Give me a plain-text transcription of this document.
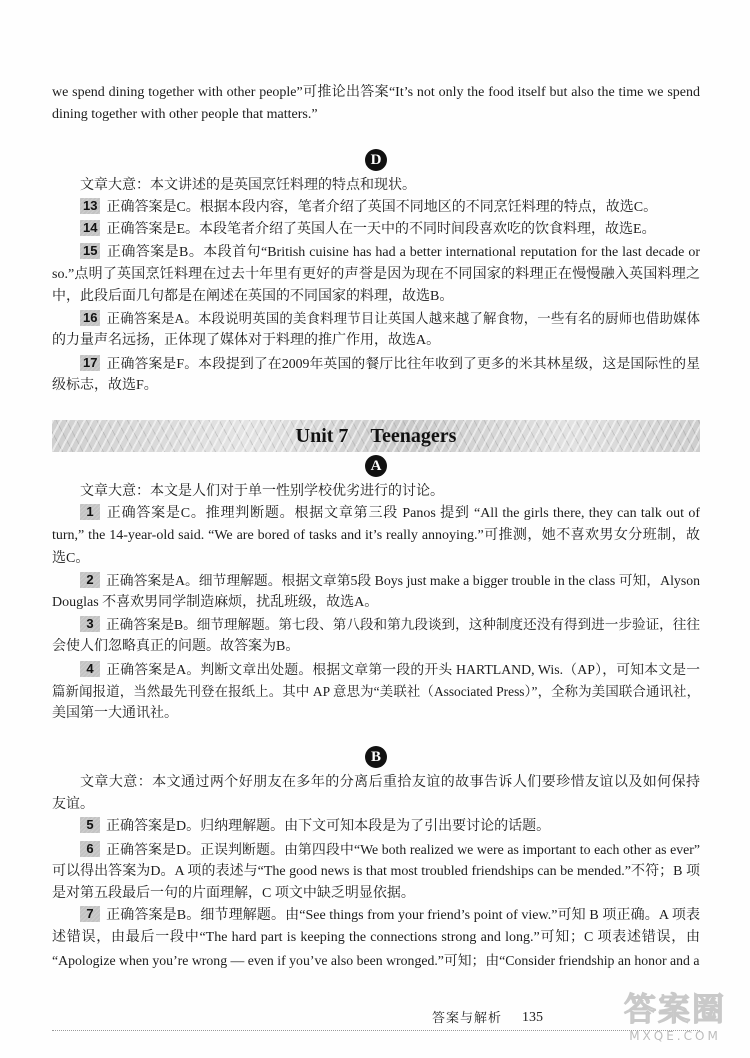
we spend dining together with other people”可推论出答案“It’s not only the food itself but also the time we spend
dining together with other people that matters.”
D
文章大意：本文讲述的是英国烹饪料理的特点和现状。
13 正确答案是C。根据本段内容，笔者介绍了英国不同地区的不同烹饪料理的特点，故选C。
14 正确答案是E。本段笔者介绍了英国人在一天中的不同时间段喜欢吃的饮食料理，故选E。
15 正确答案是B。本段首句“British cuisine has had a better international reputation for the last decade or
so.”点明了英国烹饪料理在过去十年里有更好的声誉是因为现在不同国家的料理正在慢慢融入英国料理之
中，此段后面几句都是在阐述在英国的不同国家的料理，故选B。
16 正确答案是A。本段说明英国的美食料理节目让英国人越来越了解食物，一些有名的厨师也借助媒体
的力量声名远扬，正体现了媒体对于料理的推广作用，故选A。
17 正确答案是F。本段提到了在2009年英国的餐厅比往年收到了更多的米其林星级，这是国际性的星
级标志，故选F。
A
文章大意：本文是人们对于单一性别学校优劣进行的讨论。
1 正确答案是C。推理判断题。根据文章第三段 Panos 提到 “All the girls there, they can talk out of
turn,” the 14-year-old said. “We are bored of tasks and it’s really annoying.”可推测，她不喜欢男女分班制，故
选C。
2 正确答案是A。细节理解题。根据文章第5段 Boys just make a bigger trouble in the class 可知，Alyson
Douglas 不喜欢男同学制造麻烦，扰乱班级，故选A。
3 正确答案是B。细节理解题。第七段、第八段和第九段谈到，这种制度还没有得到进一步验证，往往
会使人们忽略真正的问题。故答案为B。
4 正确答案是A。判断文章出处题。根据文章第一段的开头 HARTLAND, Wis.（AP），可知本文是一
篇新闻报道，当然最先刊登在报纸上。其中 AP 意思为“美联社（Associated Press）”，全称为美国联合通讯社，
美国第一大通讯社。
B
文章大意：本文通过两个好朋友在多年的分离后重拾友谊的故事告诉人们要珍惜友谊以及如何保持
友谊。
5 正确答案是D。归纳理解题。由下文可知本段是为了引出要讨论的话题。
6 正确答案是D。正误判断题。由第四段中“We both realized we were as important to each other as ever”
可以得出答案为D。A 项的表述与“The good news is that most troubled friendships can be mended.”不符；B 项
是对第五段最后一句的片面理解，C 项文中缺乏明显依据。
7 正确答案是B。细节理解题。由“See things from your friend’s point of view.”可知 B 项正确。A 项表
述错误，由最后一段中“The hard part is keeping the connections strong and long.”可知；C 项表述错误，由
“Apologize when you’re wrong — even if you’ve also been wronged.”可知；由“Consider friendship an honor and a
Unit 7 Teenagers
答案与解析 135	答案圈
MXQE.COM
